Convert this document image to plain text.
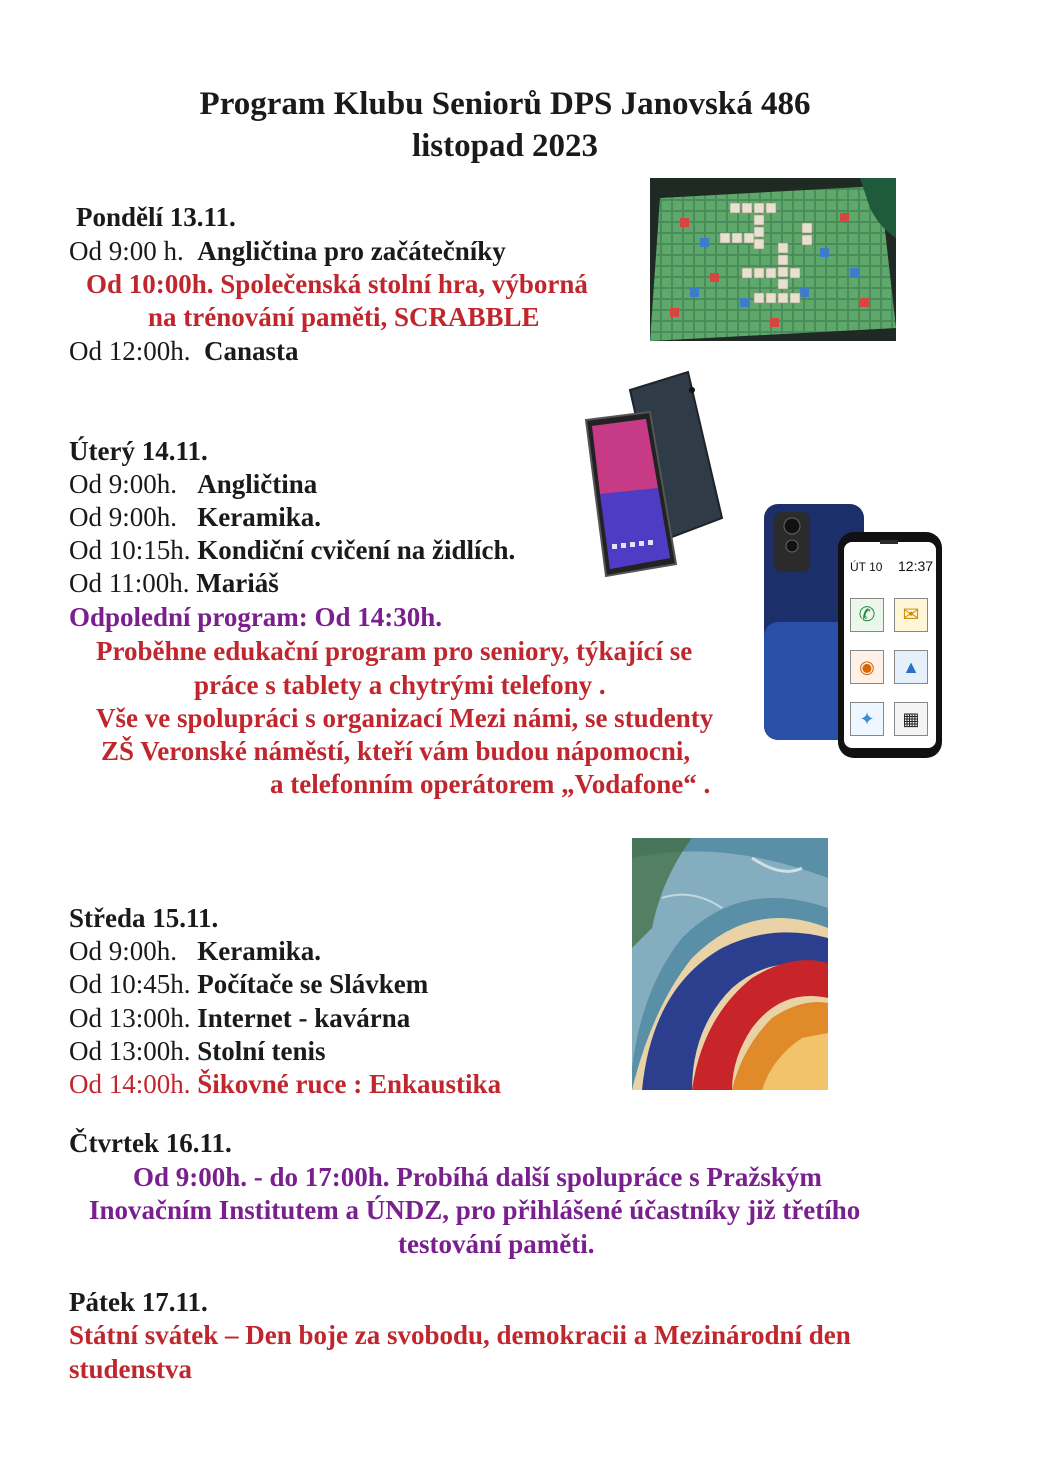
Program Klubu Seniorů DPS Janovská 486
listopad 2023
Pondělí 13.11.
Od 9:00 h. Angličtina pro začátečníky
Od 10:00h. Společenská stolní hra, výborná
na trénování paměti, SCRABBLE
Od 12:00h. Canasta
Úterý 14.11.
Od 9:00h. Angličtina
Od 9:00h. Keramika.
Od 10:15h. Kondiční cvičení na židlích.
Od 11:00h. Mariáš
Odpolední program: Od 14:30h.
Proběhne edukační program pro seniory, týkající se
práce s tablety a chytrými telefony .
Vše ve spolupráci s organizací Mezi námi, se studenty
ZŠ Veronské náměstí, kteří vám budou nápomocni,
a telefonním operátorem „Vodafone“ .
ÚT 10 12:37
✆	✉
◉	▲
✦	▦
Středa 15.11.
Od 9:00h. Keramika.
Od 10:45h. Počítače se Slávkem
Od 13:00h. Internet - kavárna
Od 13:00h. Stolní tenis
Od 14:00h. Šikovné ruce : Enkaustika
Čtvrtek 16.11.
Od 9:00h. - do 17:00h. Probíhá další spolupráce s Pražským
Inovačním Institutem a ÚNDZ, pro přihlášené účastníky již třetího
testování paměti.
Pátek 17.11.
Státní svátek – Den boje za svobodu, demokracii a Mezinárodní den
studenstva
